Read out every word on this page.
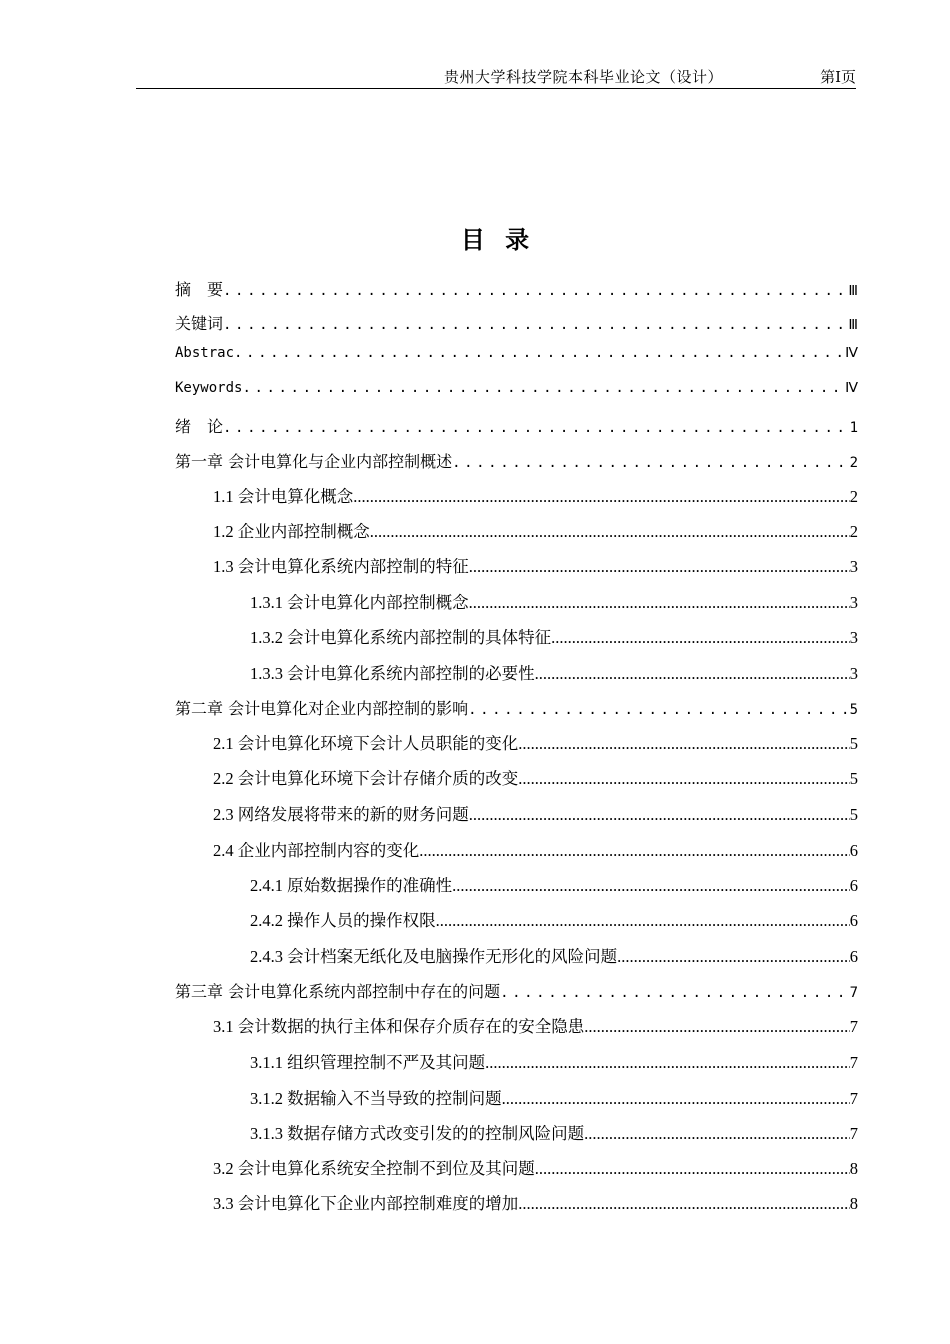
贵州大学科技学院本科毕业论文（设计）	第Ⅰ页
目 录
摘　要 .....	Ⅲ
关键词 .....	Ⅲ
Abstrac .....	Ⅳ
Keywords .....	Ⅳ
绪　论 .....	1
第一章 会计电算化与企业内部控制概述 .....	2
1.1 会计电算化概念 .....	2
1.2 企业内部控制概念 .....	2
1.3 会计电算化系统内部控制的特征 .....	3
1.3.1 会计电算化内部控制概念 .....	3
1.3.2 会计电算化系统内部控制的具体特征 .....	3
1.3.3 会计电算化系统内部控制的必要性 .....	3
第二章 会计电算化对企业内部控制的影响 .....	5
2.1 会计电算化环境下会计人员职能的变化 .....	5
2.2 会计电算化环境下会计存储介质的改变 .....	5
2.3 网络发展将带来的新的财务问题 .....	5
2.4 企业内部控制内容的变化 .....	6
2.4.1 原始数据操作的准确性 .....	6
2.4.2 操作人员的操作权限 .....	6
2.4.3 会计档案无纸化及电脑操作无形化的风险问题 .....	6
第三章 会计电算化系统内部控制中存在的问题 .....	7
3.1 会计数据的执行主体和保存介质存在的安全隐患 .....	7
3.1.1 组织管理控制不严及其问题 .....	7
3.1.2 数据输入不当导致的控制问题 .....	7
3.1.3 数据存储方式改变引发的的控制风险问题 .....	7
3.2 会计电算化系统安全控制不到位及其问题 .....	8
3.3 会计电算化下企业内部控制难度的增加 .....	8
